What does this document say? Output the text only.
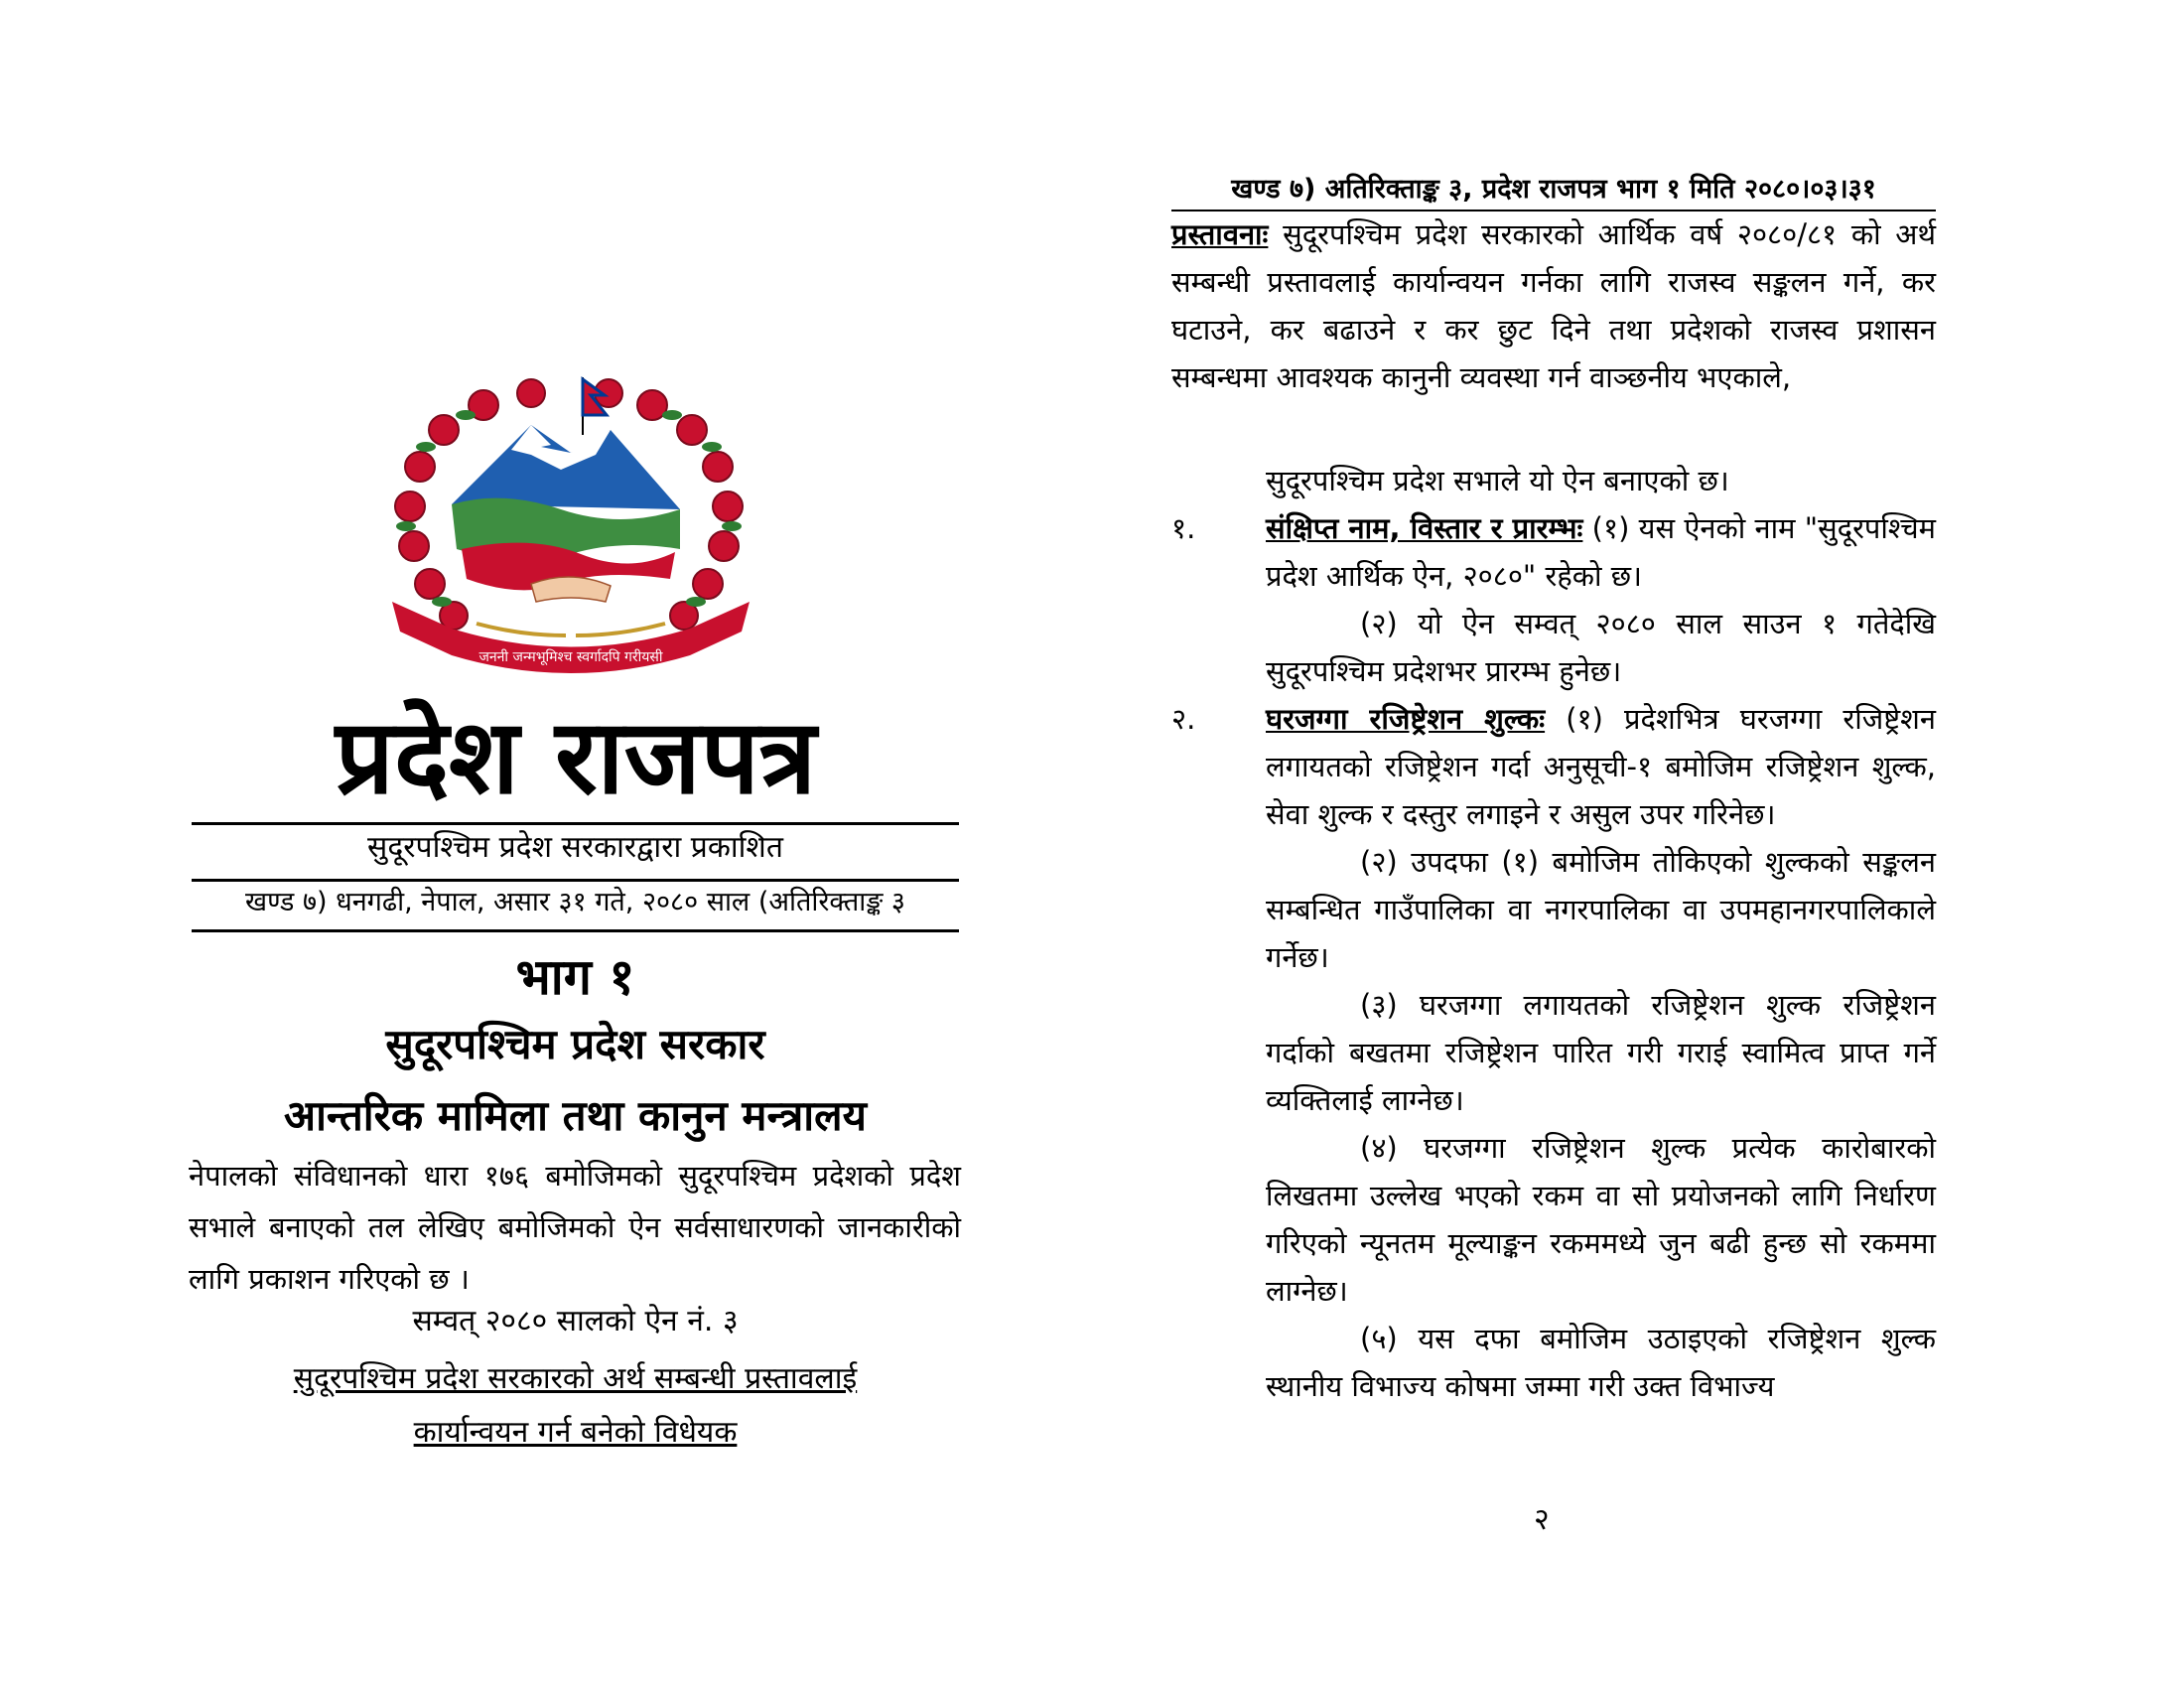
जननी जन्मभूमिश्च स्वर्गादपि गरीयसी
प्रदेश राजपत्र
सुदूरपश्चिम प्रदेश सरकारद्वारा प्रकाशित
खण्ड ७) धनगढी, नेपाल, असार ३१ गते, २०८० साल (अतिरिक्ताङ्क ३
भाग १
सुदूरपश्चिम प्रदेश सरकार
आन्तरिक मामिला तथा कानुन मन्त्रालय

नेपालको संविधानको धारा १७६ बमोजिमको सुदूरपश्चिम प्रदेशको प्रदेश सभाले बनाएको तल लेखिए बमोजिमको ऐन सर्वसाधारणको जानकारीको लागि प्रकाशन गरिएको छ ।

सम्वत् २०८० सालको ऐन नं. ३
सुदूरपश्चिम प्रदेश सरकारको अर्थ सम्बन्धी प्रस्तावलाई
कार्यान्वयन गर्न बनेको विधेयक
खण्ड ७) अतिरिक्ताङ्क ३, प्रदेश राजपत्र भाग १ मिति २०८०।०३।३१

प्रस्तावनाः सुदूरपश्चिम प्रदेश सरकारको आर्थिक वर्ष २०८०/८१ को अर्थ सम्बन्धी प्रस्तावलाई कार्यान्वयन गर्नका लागि राजस्व सङ्कलन गर्ने, कर घटाउने, कर बढाउने र कर छुट दिने तथा प्रदेशको राजस्व प्रशासन सम्बन्धमा आवश्यक कानुनी व्यवस्था गर्न वाञ्छनीय भएकाले,

सुदूरपश्चिम प्रदेश सभाले यो ऐन बनाएको छ।
१. संक्षिप्त नाम, विस्तार र प्रारम्भः (१) यस ऐनको नाम "सुदूरपश्चिम प्रदेश आर्थिक ऐन, २०८०" रहेको छ।

(२) यो ऐन सम्वत् २०८० साल साउन १ गतेदेखि सुदूरपश्चिम प्रदेशभर प्रारम्भ हुनेछ।

२. घरजग्गा रजिष्ट्रेशन शुल्कः (१) प्रदेशभित्र घरजग्गा रजिष्ट्रेशन लगायतको रजिष्ट्रेशन गर्दा अनुसूची-१ बमोजिम रजिष्ट्रेशन शुल्क, सेवा शुल्क र दस्तुर लगाइने र असुल उपर गरिनेछ।

(२) उपदफा (१) बमोजिम तोकिएको शुल्कको सङ्कलन सम्बन्धित गाउँपालिका वा नगरपालिका वा उपमहानगरपालिकाले गर्नेछ।

(३) घरजग्गा लगायतको रजिष्ट्रेशन शुल्क रजिष्ट्रेशन गर्दाको बखतमा रजिष्ट्रेशन पारित गरी गराई स्वामित्व प्राप्त गर्ने व्यक्तिलाई लाग्नेछ।

(४) घरजग्गा रजिष्ट्रेशन शुल्क प्रत्येक कारोबारको लिखतमा उल्लेख भएको रकम वा सो प्रयोजनको लागि निर्धारण गरिएको न्यूनतम मूल्याङ्कन रकममध्ये जुन बढी हुन्छ सो रकममा लाग्नेछ।

(५) यस दफा बमोजिम उठाइएको रजिष्ट्रेशन शुल्क स्थानीय विभाज्य कोषमा जम्मा गरी उक्त विभाज्य

२
